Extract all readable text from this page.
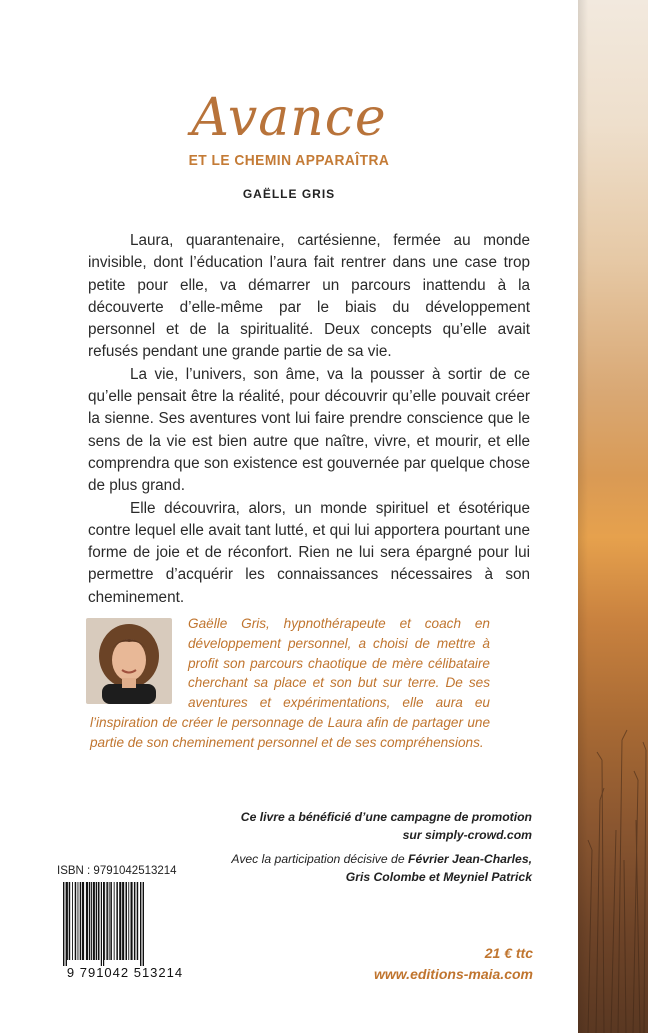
Avance
ET LE CHEMIN APPARAÎTRA
GAËLLE GRIS

Laura, quarantenaire, cartésienne, fermée au monde invisible, dont l’éducation l’aura fait rentrer dans une case trop petite pour elle, va démarrer un parcours inattendu à la découverte d’elle-même par le biais du développement personnel et de la spiritualité. Deux concepts qu’elle avait refusés pendant une grande partie de sa vie.

La vie, l’univers, son âme, va la pousser à sortir de ce qu’elle pensait être la réalité, pour découvrir qu’elle pouvait créer la sienne. Ses aventures vont lui faire prendre conscience que le sens de la vie est bien autre que naître, vivre, et mourir, et elle comprendra que son existence est gouvernée par quelque chose de plus grand.

Elle découvrira, alors, un monde spirituel et ésotérique contre lequel elle avait tant lutté, et qui lui apportera pourtant une forme de joie et de réconfort. Rien ne lui sera épargné pour lui permettre d’acquérir les connaissances nécessaires à son cheminement.

Gaëlle Gris, hypnothérapeute et coach en développement personnel, a choisi de mettre à profit son parcours chaotique de mère célibataire cherchant sa place et son but sur terre. De ses aventures et expérimentations, elle aura eu l’inspiration de créer le personnage de Laura afin de partager une partie de son cheminement personnel et de ses compréhensions.
Ce livre a bénéficié d’une campagne de promotion
sur simply-crowd.com
Avec la participation décisive de Février Jean-Charles,
Gris Colombe et Meyniel Patrick
ISBN : 9791042513214
9 791042 513214
21 € ttc
www.editions-maia.com
